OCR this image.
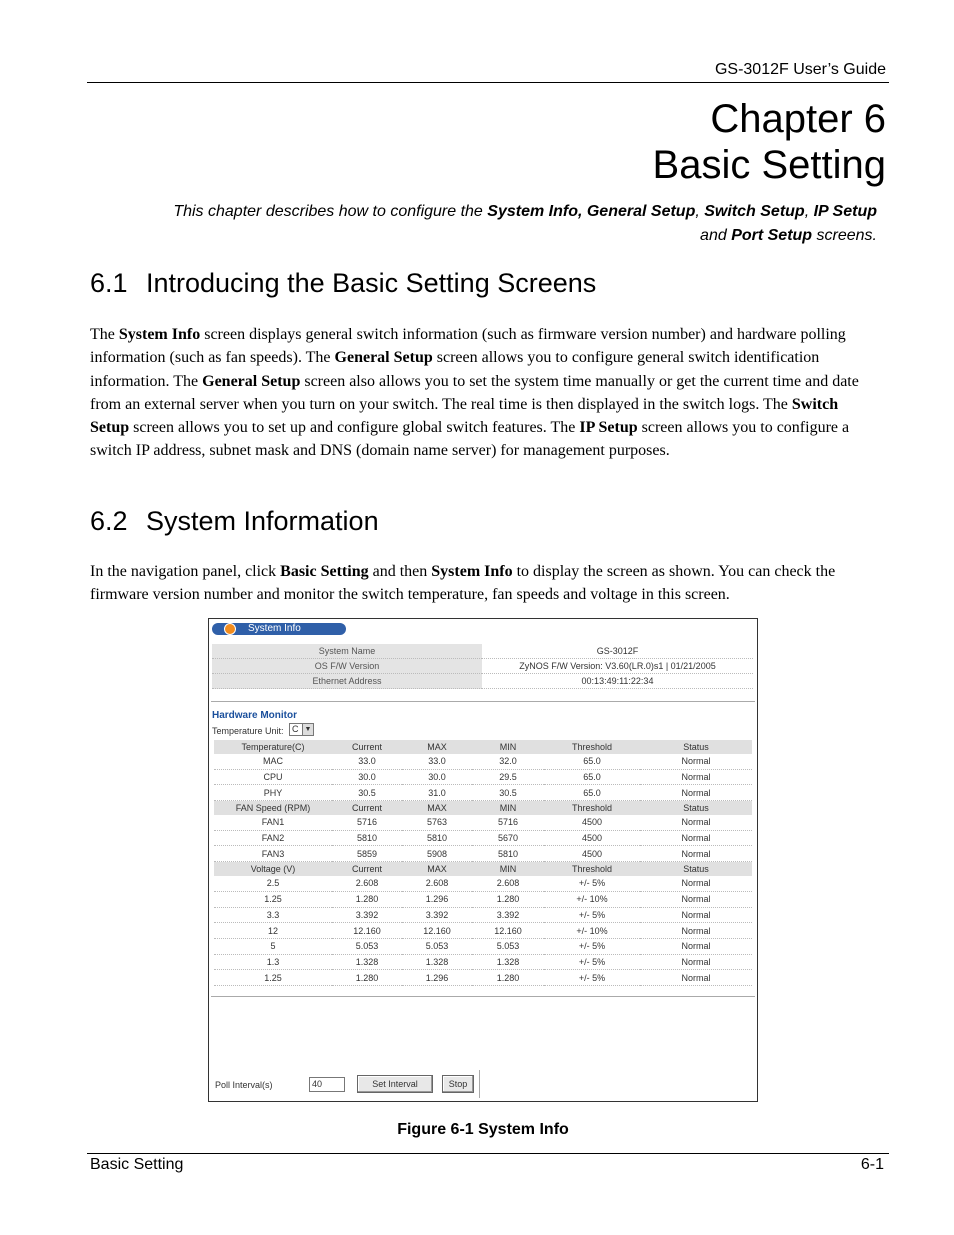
GS-3012F User’s Guide
Chapter 6
Basic Setting
This chapter describes how to configure the System Info, General Setup, Switch Setup, IP Setup
and Port Setup screens.
6.1 Introducing the Basic Setting Screens
The System Info screen displays general switch information (such as firmware version number) and hardware polling information (such as fan speeds). The General Setup screen allows you to configure general switch identification information. The General Setup screen also allows you to set the system time manually or get the current time and date from an external server when you turn on your switch. The real time is then displayed in the switch logs. The Switch Setup screen allows you to set up and configure global switch features. The IP Setup screen allows you to configure a switch IP address, subnet mask and DNS (domain name server) for management purposes.
6.2 System Information
In the navigation panel, click Basic Setting and then System Info to display the screen as shown. You can check the firmware version number and monitor the switch temperature, fan speeds and voltage in this screen.
System Info
System Name	GS-3012F
OS F/W Version	ZyNOS F/W Version: V3.60(LR.0)s1 | 01/21/2005
Ethernet Address	00:13:49:11:22:34
Hardware Monitor
Temperature Unit: C ▼
Temperature(C)	Current	MAX	MIN	Threshold	Status
MAC	33.0	33.0	32.0	65.0	Normal
CPU	30.0	30.0	29.5	65.0	Normal
PHY	30.5	31.0	30.5	65.0	Normal
FAN Speed (RPM)	Current	MAX	MIN	Threshold	Status
FAN1	5716	5763	5716	4500	Normal
FAN2	5810	5810	5670	4500	Normal
FAN3	5859	5908	5810	4500	Normal
Voltage (V)	Current	MAX	MIN	Threshold	Status
2.5	2.608	2.608	2.608	+/- 5%	Normal
1.25	1.280	1.296	1.280	+/- 10%	Normal
3.3	3.392	3.392	3.392	+/- 5%	Normal
12	12.160	12.160	12.160	+/- 10%	Normal
5	5.053	5.053	5.053	+/- 5%	Normal
1.3	1.328	1.328	1.328	+/- 5%	Normal
1.25	1.280	1.296	1.280	+/- 5%	Normal
Poll Interval(s)	40	Set Interval	Stop
Figure 6-1 System Info
Basic Setting	6-1
